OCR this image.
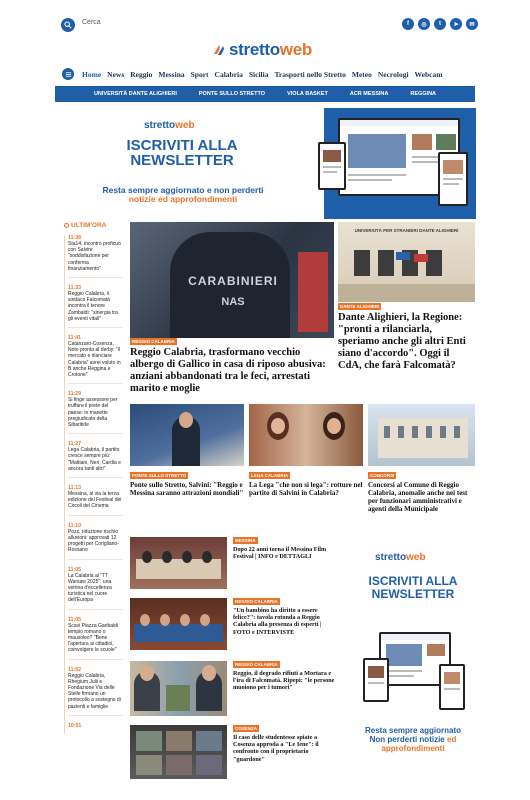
Cerca	f	◎	t	➤	✉
strettoweb
Home News Reggio Messina Sport Calabria Sicilia Trasporti nello Stretto Meteo Necrologi Webcam
UNIVERSITÀ DANTE ALIGHIERI	PONTE SULLO STRETTO	VIOLA BASKET	ACR MESSINA	REGGINA
strettoweb
ISCRIVITI ALLA NEWSLETTER
Resta sempre aggiornato e non perderti notizie ed approfondimenti
ULTIM'ORA
11:38
Sta14, incontro proficuo con Salvini: "soddisfazione per conferma finanziamento"
11:33
Reggio Calabria, il sindaco Falcomatà incontra il tenore Zambaldi: "sinergia tra gli eventi vitali"
11:41
Catanzaro-Cosenza, Noto pronto al derby: "il mercato e rilanciare Calabria" avrei voluto in B anche Reggina e Crotone"
11:29
Si finge assessore per truffare il prete del paese: in manette pregiudicato della Sibaritide
11:27
Lega Calabria, il partito cresce sempre più: "Mattiani, Neri, Cardia e ancora tanti altri"
11:13
Messina, al via la terza edizione del Festival dei Circoli del Cinema
11:10
Pozz, riduzione rischio alluvioni: approvati 12 progetti per Corigliano-Rossano
11:05
La Calabria al "TT Warsaw 2025": una vetrina d'eccellenza turistica nel cuore dell'Europa
11:05
Scavi Piazza Garibaldi tempio romano o mausoleo? "Bene l'apertura ai cittadini, coinvolgere le scuole"
11:52
Reggio Calabria, Rhegium Julii e Fondazione Via delle Stelle firmano un protocollo a sostegno di pazienti e famiglie
10:51
CARABINIERI
NAS
REGGIO CALABRIA
Reggio Calabria, trasformano vecchio albergo di Gallico in casa di riposo abusiva: anziani abbandonati tra le feci, arrestati marito e moglie
UNIVERSITÀ PER STRANIERI DANTE ALIGHIERI
DANTE ALIGHIERI
Dante Alighieri, la Regione: "pronti a rilanciarla, speriamo anche gli altri Enti siano d'accordo". Oggi il CdA, che farà Falcomatà?
PONTE SULLO STRETTO
Ponte sullo Stretto, Salvini: "Reggio e Messina saranno attrazioni mondiali"
LEGA CALABRIA
La Lega "che non si lega": rotture nel partito di Salvini in Calabria?
CONCORSI
Concorsi al Comune di Reggio Calabria, anomalie anche nei test per funzionari amministrativi e agenti della Municipale
MESSINA
Dopo 22 anni torna il Messina Film Festival | INFO e DETTAGLI
REGGIO CALABRIA
"Un bambino ha diritto a essere felice?": tavola rotonda a Reggio Calabria alla presenza di esperti | FOTO e INTERVISTE
REGGIO CALABRIA
Reggio, il degrado rifiuti a Mortara e l'ira di Falcomatà. Ripepi: "le persone muoiono per i tumori"
COSENZA
Il caso delle studentesse spiate a Cosenza approda a "Le Iene": il confronto con il proprietario "guardone"
strettoweb
ISCRIVITI ALLA NEWSLETTER
Resta sempre aggiornato Non perderti notizie ed approfondimenti
